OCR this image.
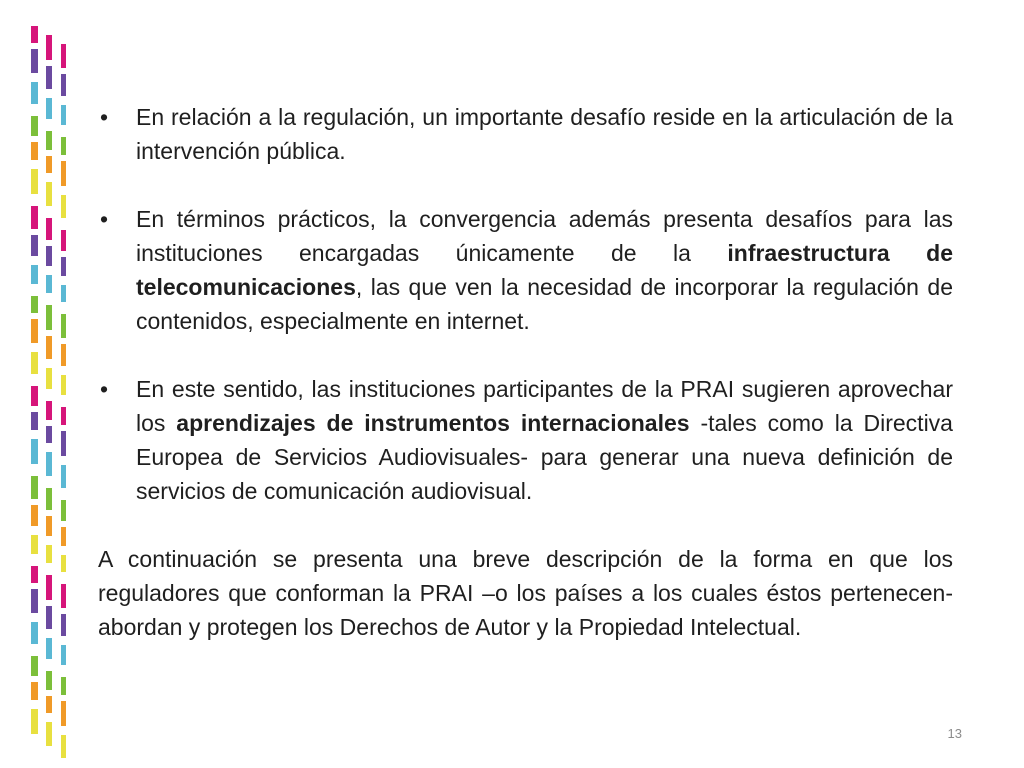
• En relación a la regulación, un importante desafío reside en la articulación de la intervención pública.
• En términos prácticos, la convergencia además presenta desafíos para las instituciones encargadas únicamente de la infraestructura de telecomunicaciones, las que ven la necesidad de incorporar la regulación de contenidos, especialmente en internet.
• En este sentido, las instituciones participantes de la PRAI sugieren aprovechar los aprendizajes de instrumentos internacionales -tales como la Directiva Europea de Servicios Audiovisuales- para generar una nueva definición de servicios de comunicación audiovisual.

A continuación se presenta una breve descripción de la forma en que los reguladores que conforman la PRAI –o los países a los cuales éstos pertenecen- abordan y protegen los Derechos de Autor y la Propiedad Intelectual.

13
